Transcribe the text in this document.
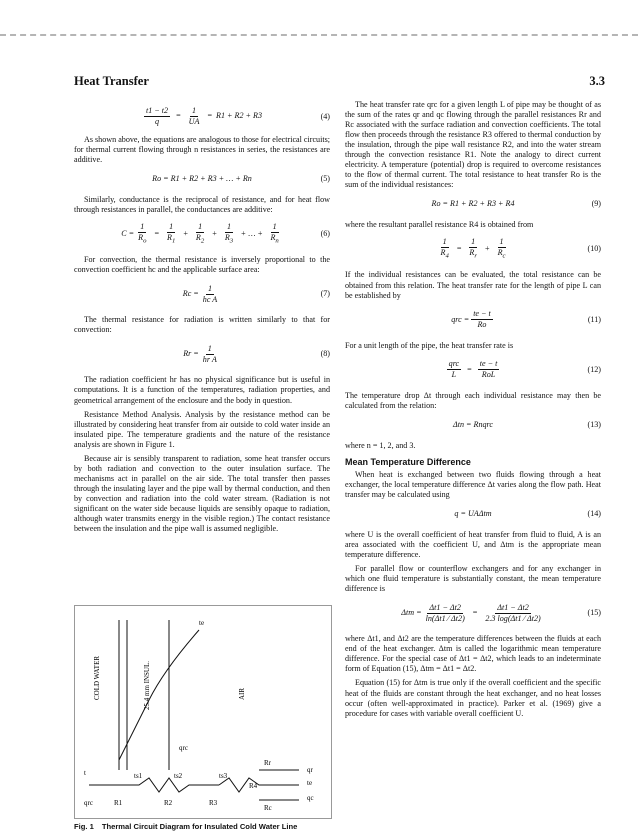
Heat Transfer	3.3
$\frac{t1 - t2}{q} = \frac{1}{UA} = R1 + R2 + R3$	(4)

As shown above, the equations are analogous to those for electrical circuits; for thermal current flowing through n resistances in series, the resistances are additive.

Ro = R1 + R2 + R3 + … + Rn	(5)

Similarly, conductance is the reciprocal of resistance, and for heat flow through resistances in parallel, the conductances are additive:

$C = \frac{1}{R_o} = \frac{1}{R_1} + \frac{1}{R_2} + \frac{1}{R_3}$ + … + $\frac{1}{R_n}$	(6)

For convection, the thermal resistance is inversely proportional to the convection coefficient hc and the applicable surface area:

$Rc = \frac{1}{\text{hc A}}$	(7)

The thermal resistance for radiation is written similarly to that for convection:

$Rr = \frac{1}{\text{hr A}}$	(8)

The radiation coefficient hr has no physical significance but is useful in computations. It is a function of the temperatures, radiation properties, and geometrical arrangement of the enclosure and the body in question.

Resistance Method Analysis. Analysis by the resistance method can be illustrated by considering heat transfer from air outside to cold water inside an insulated pipe. The temperature gradients and the nature of the resistance analysis are shown in Figure 1.

Because air is sensibly transparent to radiation, some heat transfer occurs by both radiation and convection to the outer insulation surface. The mechanisms act in parallel on the air side. The total transfer then passes through the insulating layer and the pipe wall by thermal conduction, and then by convection and radiation into the cold water stream. (Radiation is not significant on the water side because liquids are sensibly opaque to radiation, although water transmits energy in the visible region.) The contact resistance between the insulation and the pipe wall is assumed negligible.

COLD WATER	25.4 mm INSUL.	AIR
te
t	ts1	ts2	ts3
qrc	R1	R2	R3
Rr
R4
Rc
qr
te
qc
qrc
Fig. 1 Thermal Circuit Diagram for Insulated Cold Water Line

The heat transfer rate qrc for a given length L of pipe may be thought of as the sum of the rates qr and qc flowing through the parallel resistances Rr and Rc associated with the surface radiation and convection coefficients. The total flow then proceeds through the resistance R3 offered to thermal conduction by the insulation, through the pipe wall resistance R2, and into the water stream through the convection resistance R1. Note the analogy to direct current electricity. A temperature (potential) drop is required to overcome resistances to the flow of thermal current. The total resistance to heat transfer Ro is the sum of the individual resistances:

Ro = R1 + R2 + R3 + R4	(9)

where the resultant parallel resistance R4 is obtained from

$\frac{1}{R_4} = \frac{1}{R_r} + \frac{1}{R_c}$	(10)

If the individual resistances can be evaluated, the total resistance can be obtained from this relation. The heat transfer rate for the length of pipe L can be established by

qrc = $\frac{te - t}{Ro}$	(11)

For a unit length of the pipe, the heat transfer rate is

qrc
L
=
te − t
RoL
(12)

The temperature drop Δt through each individual resistance may then be calculated from the relation:

Δtn = Rnqrc	(13)

where n = 1, 2, and 3.

Mean Temperature Difference

When heat is exchanged between two fluids flowing through a heat exchanger, the local temperature difference Δt varies along the flow path. Heat transfer may be calculated using

q = UAΔtm	(14)

where U is the overall coefficient of heat transfer from fluid to fluid, A is an area associated with the coefficient U, and Δtm is the appropriate mean temperature difference.

For parallel flow or counterflow exchangers and for any exchanger in which one fluid temperature is substantially constant, the mean temperature difference is

$\Delta tm = \frac{\Delta t1 - \Delta t2}{\ln(\Delta t1 ⁄ \Delta t2)} = \frac{\Delta t1 - \Delta t2}{2.3 \log(\Delta t1 ⁄ \Delta t2)}$	(15)

where Δt1, and Δt2 are the temperature differences between the fluids at each end of the heat exchanger. Δtm is called the logarithmic mean temperature difference. For the special case of Δt1 = Δt2, which leads to an indeterminate form of Equation (15), Δtm = Δt1 = Δt2.

Equation (15) for Δtm is true only if the overall coefficient and the specific heat of the fluids are constant through the heat exchanger, and no heat losses occur (often well-approximated in practice). Parker et al. (1969) give a procedure for cases with variable overall coefficient U.
